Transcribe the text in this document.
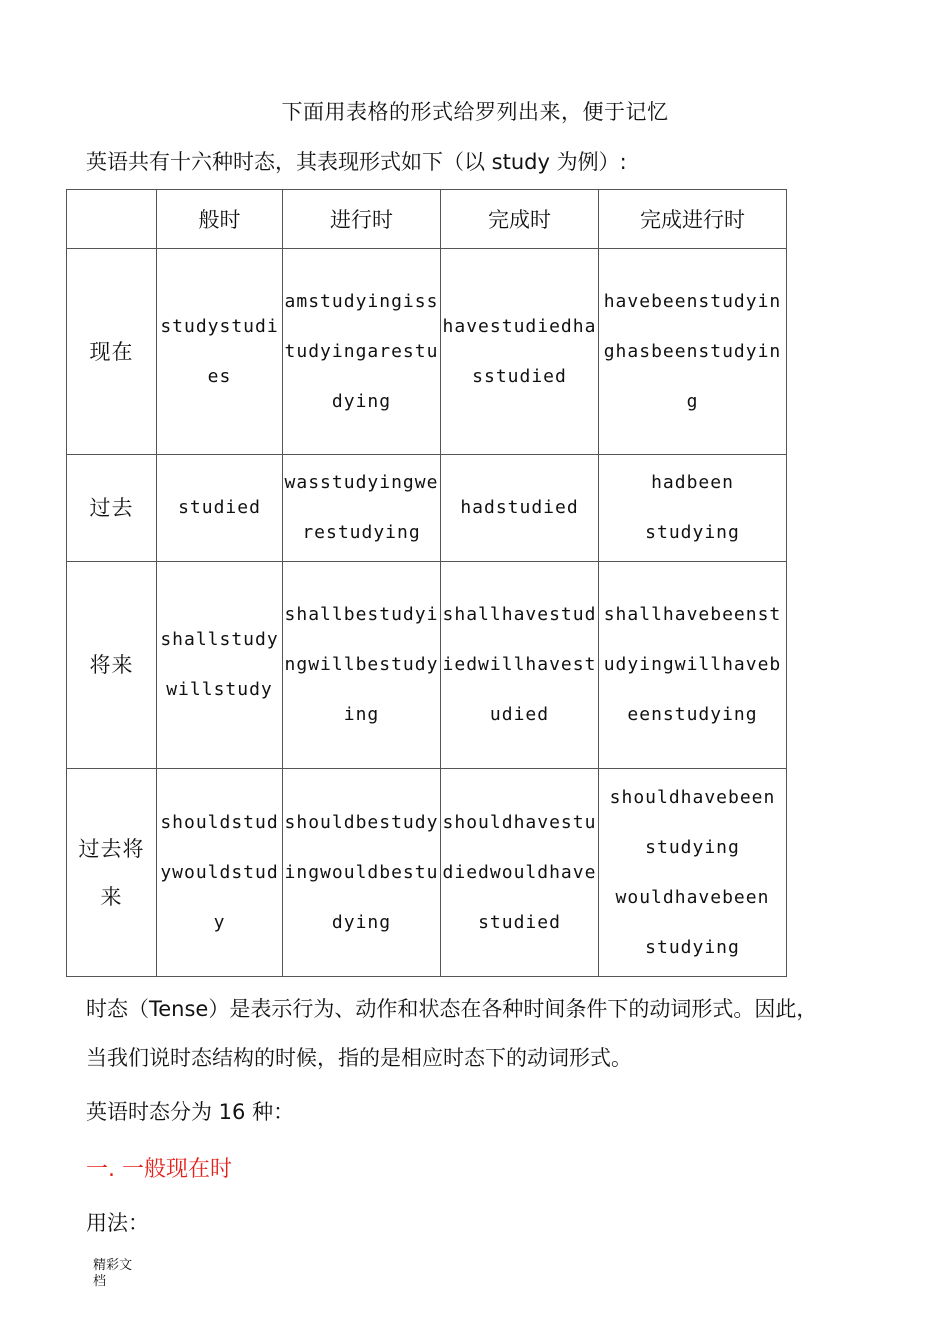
下面用表格的形式给罗列出来，便于记忆
英语共有十六种时态，其表现形式如下（以 study 为例）:
	般时	进行时	完成时	完成进行时

现在	studystudi
es	amstudyingiss
tudyingarestu
dying	havestudiedha
sstudied	havebeenstudyin
ghasbeenstudyin
g

过去	studied	wasstudyingwe
restudying	hadstudied	hadbeen
studying

将来	shallstudy
willstudy	shallbestudyi
ngwillbestudy
ing	shallhavestud
iedwillhavest
udied	shallhavebeenst
udyingwillhaveb
eenstudying

过去将
来	shouldstud
ywouldstud
y	shouldbestudy
ingwouldbestu
dying	shouldhavestu
diedwouldhave
studied	shouldhavebeen
studying
wouldhavebeen
studying
时态（Tense）是表示行为、动作和状态在各种时间条件下的动词形式。因此，
当我们说时态结构的时候，指的是相应时态下的动词形式。
英语时态分为 16 种：
一. 一般现在时
用法：
精彩文档
